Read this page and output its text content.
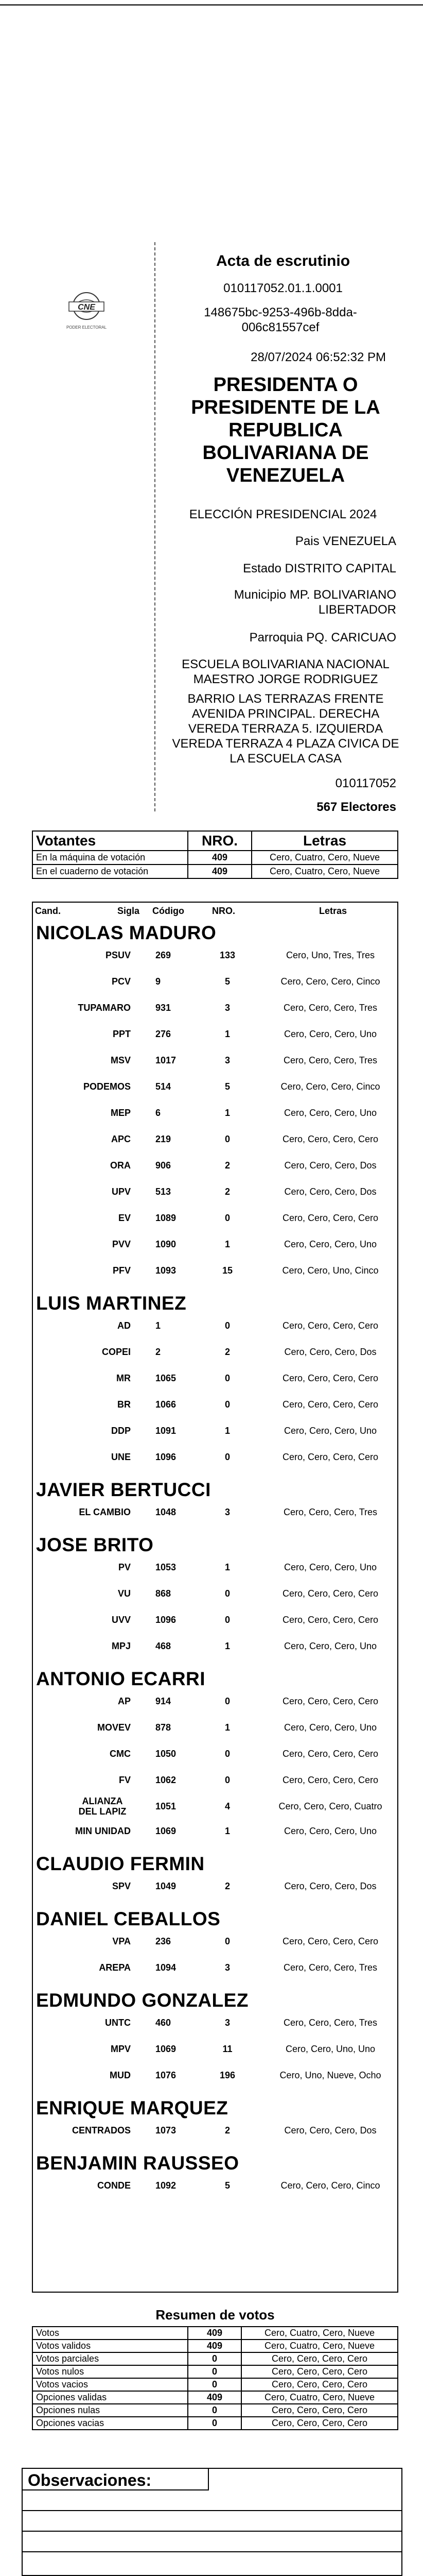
CNE
PODER ELECTORAL
Acta de escrutinio
010117052.01.1.0001
148675bc-9253-496b-8dda-006c81557cef
28/07/2024 06:52:32 PM
PRESIDENTA O PRESIDENTE DE LA REPUBLICA BOLIVARIANA DE VENEZUELA
ELECCIÓN PRESIDENCIAL 2024
Pais VENEZUELA
Estado DISTRITO CAPITAL
Municipio MP. BOLIVARIANO LIBERTADOR
Parroquia PQ. CARICUAO
ESCUELA BOLIVARIANA NACIONAL MAESTRO JORGE RODRIGUEZ
BARRIO LAS TERRAZAS FRENTE AVENIDA PRINCIPAL. DERECHA VEREDA TERRAZA 5. IZQUIERDA VEREDA TERRAZA 4 PLAZA CIVICA DE LA ESCUELA CASA
010117052
567 Electores
Votantes	NRO.	Letras
En la máquina de votación	409	Cero, Cuatro, Cero, Nueve
En el cuaderno de votación	409	Cero, Cuatro, Cero, Nueve
Cand.	Sigla Código	NRO.	Letras
NICOLAS MADURO
PSUV	269	133	Cero, Uno, Tres, Tres
PCV	9	5	Cero, Cero, Cero, Cinco
TUPAMARO	931	3	Cero, Cero, Cero, Tres
PPT	276	1	Cero, Cero, Cero, Uno
MSV	1017	3	Cero, Cero, Cero, Tres
PODEMOS	514	5	Cero, Cero, Cero, Cinco
MEP	6	1	Cero, Cero, Cero, Uno
APC	219	0	Cero, Cero, Cero, Cero
ORA	906	2	Cero, Cero, Cero, Dos
UPV	513	2	Cero, Cero, Cero, Dos
EV	1089	0	Cero, Cero, Cero, Cero
PVV	1090	1	Cero, Cero, Cero, Uno
PFV	1093	15	Cero, Cero, Uno, Cinco
LUIS MARTINEZ
AD	1	0	Cero, Cero, Cero, Cero
COPEI	2	2	Cero, Cero, Cero, Dos
MR	1065	0	Cero, Cero, Cero, Cero
BR	1066	0	Cero, Cero, Cero, Cero
DDP	1091	1	Cero, Cero, Cero, Uno
UNE	1096	0	Cero, Cero, Cero, Cero
JAVIER BERTUCCI
EL CAMBIO	1048	3	Cero, Cero, Cero, Tres
JOSE BRITO
PV	1053	1	Cero, Cero, Cero, Uno
VU	868	0	Cero, Cero, Cero, Cero
UVV	1096	0	Cero, Cero, Cero, Cero
MPJ	468	1	Cero, Cero, Cero, Uno
ANTONIO ECARRI
AP	914	0	Cero, Cero, Cero, Cero
MOVEV	878	1	Cero, Cero, Cero, Uno
CMC	1050	0	Cero, Cero, Cero, Cero
FV	1062	0	Cero, Cero, Cero, Cero
ALIANZA DEL LAPIZ	1051	4	Cero, Cero, Cero, Cuatro
MIN UNIDAD	1069	1	Cero, Cero, Cero, Uno
CLAUDIO FERMIN
SPV	1049	2	Cero, Cero, Cero, Dos
DANIEL CEBALLOS
VPA	236	0	Cero, Cero, Cero, Cero
AREPA	1094	3	Cero, Cero, Cero, Tres
EDMUNDO GONZALEZ
UNTC	460	3	Cero, Cero, Cero, Tres
MPV	1069	11	Cero, Cero, Uno, Uno
MUD	1076	196	Cero, Uno, Nueve, Ocho
ENRIQUE MARQUEZ
CENTRADOS	1073	2	Cero, Cero, Cero, Dos
BENJAMIN RAUSSEO
CONDE	1092	5	Cero, Cero, Cero, Cinco
Resumen de votos
Votos	409	Cero, Cuatro, Cero, Nueve
Votos validos	409	Cero, Cuatro, Cero, Nueve
Votos parciales	0	Cero, Cero, Cero, Cero
Votos nulos	0	Cero, Cero, Cero, Cero
Votos vacios	0	Cero, Cero, Cero, Cero
Opciones validas	409	Cero, Cuatro, Cero, Nueve
Opciones nulas	0	Cero, Cero, Cero, Cero
Opciones vacias	0	Cero, Cero, Cero, Cero
Observaciones:
